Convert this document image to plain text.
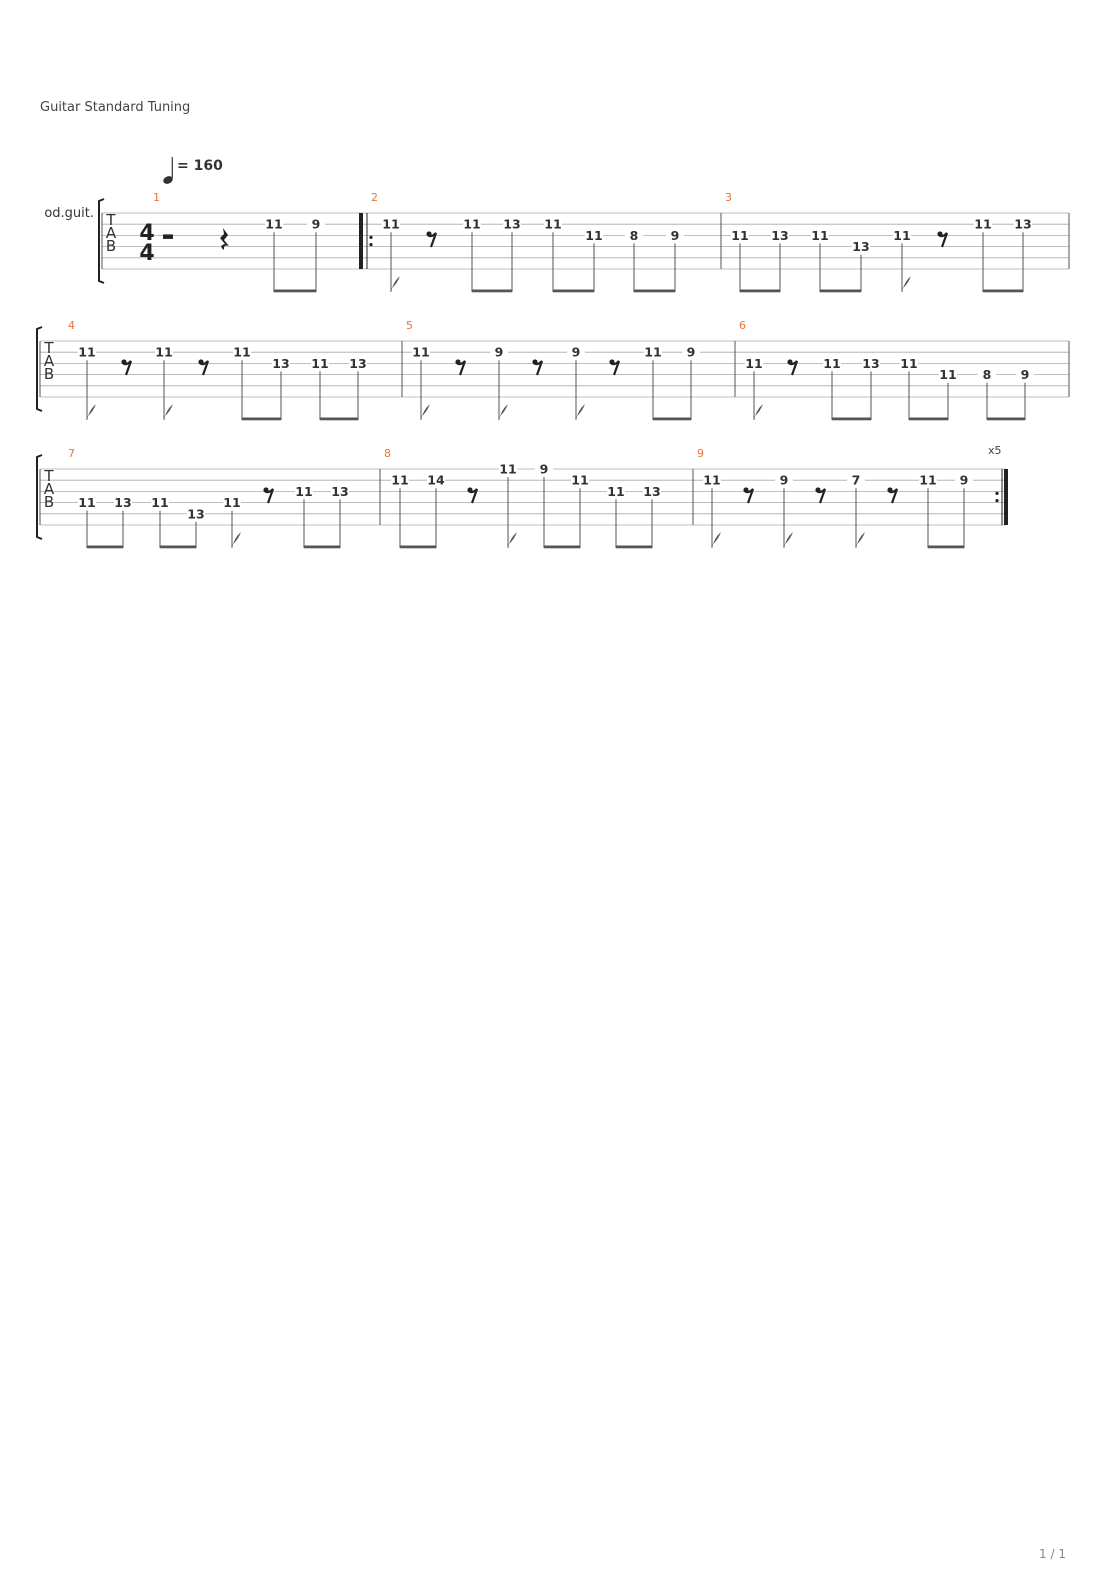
Guitar Standard Tuning
= 160
od.guit. T
A
B
1
4
4
11 9
2
11	11 13 11
11 8	9
3
11 13 11
13
11
11 13
T
A
B
4
11	11	11
13 11 13
5
11	9	9	11 9
6
11	11 13 11
11 8 9
T
A
B
7
11 13 11
13
11
11 13
8
11 14
11 9
11
11 13
9	x5
11	9	7	11 9
1 / 1
